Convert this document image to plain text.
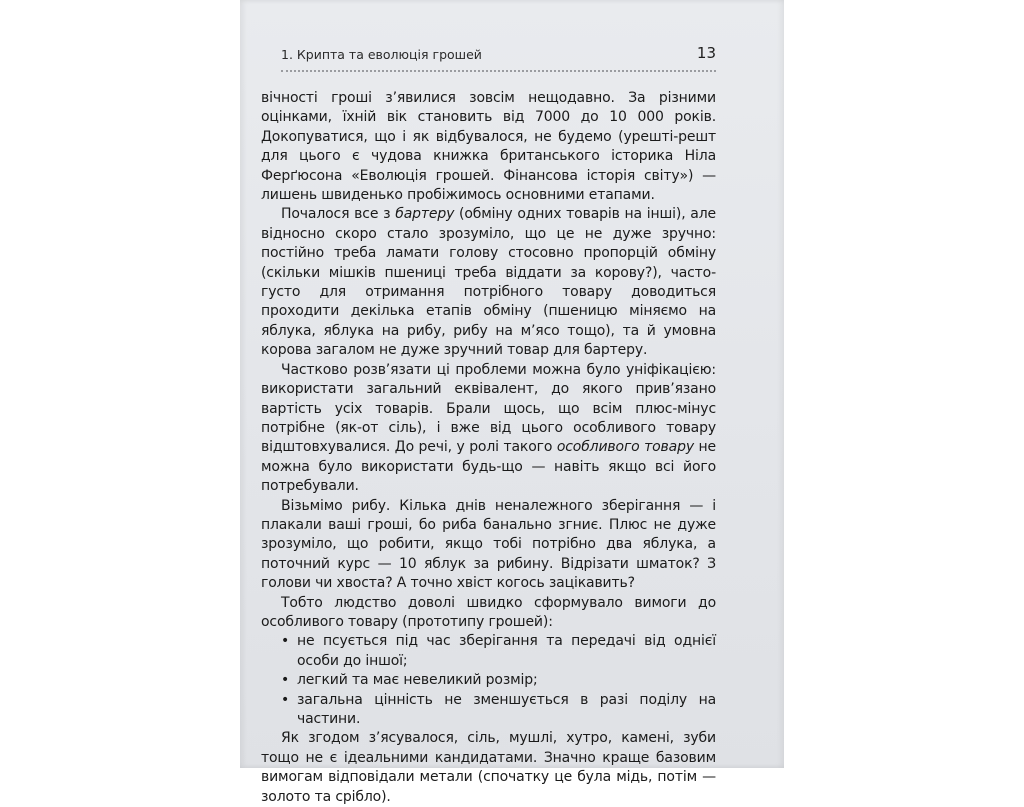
1. Крипта та еволюція грошей	13

вічності гроші з’явилися зовсім нещодавно. За різними оцінками, їхній вік становить від 7000 до 10 000 років. Докопуватися, що і як відбувалося, не будемо (урешті-решт для цього є чудова книжка британського історика Ніла Ферґюсона «Еволюція грошей. Фінансова історія світу») — лишень швиденько пробіжимось основними етапами.

Почалося все з бартеру (обміну одних товарів на інші), але відносно скоро стало зрозуміло, що це не дуже зручно: постійно треба ламати голову стосовно пропорцій обміну (скільки мішків пшениці треба віддати за корову?), часто-густо для отримання потрібного товару доводиться проходити декілька етапів обміну (пшеницю міняємо на яблука, яблука на рибу, рибу на м’ясо тощо), та й умовна корова загалом не дуже зручний товар для бартеру.

Частково розв’язати ці проблеми можна було уніфікацією: використати загальний еквівалент, до якого прив’язано вартість усіх товарів. Брали щось, що всім плюс-мінус потрібне (як-от сіль), і вже від цього особливого товару відштовхувалися. До речі, у ролі такого особливого товару не можна було використати будь-що — навіть якщо всі його потребували.

Візьмімо рибу. Кілька днів неналежного зберігання — і плакали ваші гроші, бо риба банально згниє. Плюс не дуже зрозуміло, що робити, якщо тобі потрібно два яблука, а поточний курс — 10 яблук за рибину. Відрізати шматок? З голови чи хвоста? А точно хвіст когось зацікавить?

Тобто людство доволі швидко сформувало вимоги до особливого товару (прототипу грошей):

• не псується під час зберігання та передачі від однієї особи до іншої;
• легкий та має невеликий розмір;
• загальна цінність не зменшується в разі поділу на частини.

Як згодом з’ясувалося, сіль, мушлі, хутро, камені, зуби тощо не є ідеальними кандидатами. Значно краще базовим вимогам відповідали метали (спочатку це була мідь, потім — золото та срібло).
